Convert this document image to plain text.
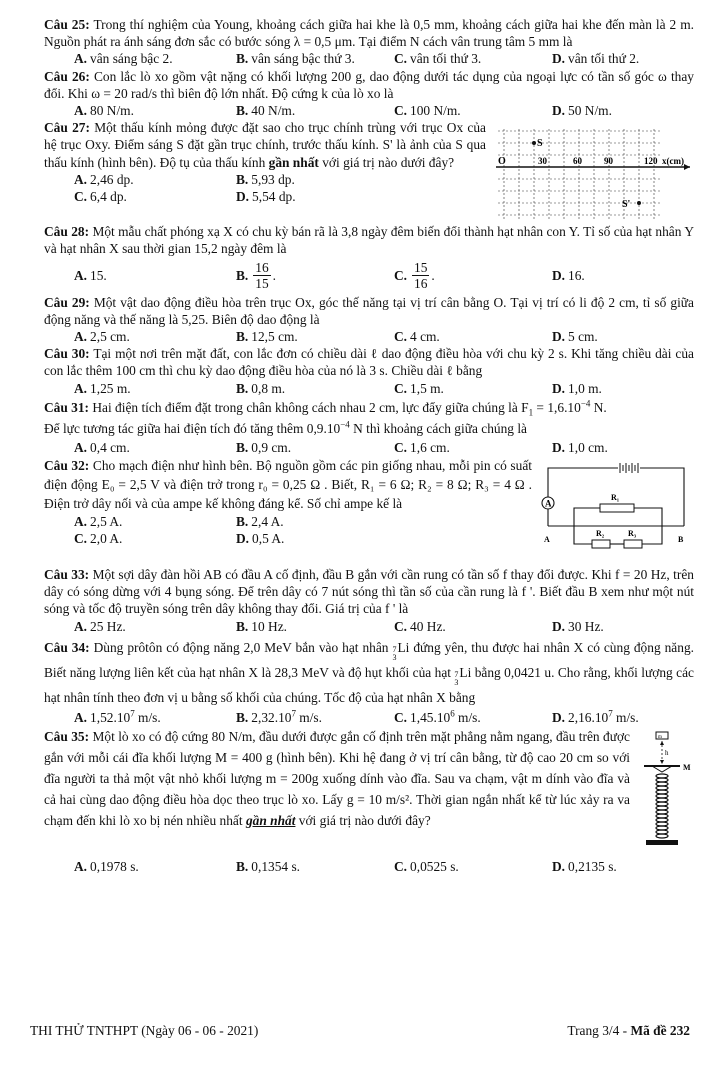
Câu 25: Trong thí nghiệm của Young, khoảng cách giữa hai khe là 0,5 mm, khoảng cách giữa hai khe đến màn là 2 m. Nguồn phát ra ánh sáng đơn sắc có bước sóng λ = 0,5 μm. Tại điểm N cách vân trung tâm 5 mm là

A. vân sáng bậc 2.	B. vân sáng bậc thứ 3.	C. vân tối thứ 3.	D. vân tối thứ 2.

Câu 26: Con lắc lò xo gồm vật nặng có khối lượng 200 g, dao động dưới tác dụng của ngoại lực có tần số góc ω thay đổi. Khi ω = 20 rad/s thì biên độ lớn nhất. Độ cứng k của lò xo là

A. 80 N/m.	B. 40 N/m.	C. 100 N/m.	D. 50 N/m.

Câu 27: Một thấu kính mỏng được đặt sao cho trục chính trùng với trục Ox của hệ trục Oxy. Điểm sáng S đặt gần trục chính, trước thấu kính. S' là ảnh của S qua thấu kính (hình bên). Độ tụ của thấu kính gần nhất với giá trị nào dưới đây?

A. 2,46 dp.	B. 5,93 dp.
C. 6,4 dp.	D. 5,54 dp.
S
S'
O	30	60 90	120 x(cm)

Câu 28: Một mẫu chất phóng xạ X có chu kỳ bán rã là 3,8 ngày đêm biến đổi thành hạt nhân con Y. Tỉ số của hạt nhân Y và hạt nhân X sau thời gian 15,2 ngày đêm là

A. 15.	B. $\frac{16}{15}$ .	C. $\frac{15}{16}$ .	D. 16.

Câu 29: Một vật dao động điều hòa trên trục Ox, góc thế năng tại vị trí cân bằng O. Tại vị trí có li độ 2 cm, tỉ số giữa động năng và thế năng là 5,25. Biên độ dao động là

A. 2,5 cm.	B. 12,5 cm.	C. 4 cm.	D. 5 cm.

Câu 30: Tại một nơi trên mặt đất, con lắc đơn có chiều dài ℓ dao động điều hòa với chu kỳ 2 s. Khi tăng chiều dài của con lắc thêm 100 cm thì chu kỳ dao động điều hòa của nó là 3 s. Chiều dài ℓ bằng

A. 1,25 m.	B. 0,8 m.	C. 1,5 m.	D. 1,0 m.

Câu 31: Hai điện tích điểm đặt trong chân không cách nhau 2 cm, lực đẩy giữa chúng là $F_1 = 1,6.10^{-4}$ N.
Để lực tương tác giữa hai điện tích đó tăng thêm $0,9.10^{-4}$ N thì khoảng cách giữa chúng là

A. 0,4 cm.	B. 0,9 cm.	C. 1,6 cm.	D. 1,0 cm.

Câu 32: Cho mạch điện như hình bên. Bộ nguồn gồm các pin giống nhau, mỗi pin có suất điện động E₀ = 2,5 V và điện trở trong r₀ = 0,25 Ω . Biết, R₁ = 6 Ω; R₂ = 8 Ω; R₃ = 4 Ω . Điện trở dây nối và của ampe kế không đáng kể. Số chỉ ampe kế là

A. 2,5 A.	B. 2,4 A.
C. 2,0 A.	D. 0,5 A.
A
R₁
R₂	R₃
A	B

Câu 33: Một sợi dây đàn hồi AB có đầu A cố định, đầu B gắn với cần rung có tần số f thay đổi được. Khi f = 20 Hz, trên dây có sóng dừng với 4 bụng sóng. Để trên dây có 7 nút sóng thì tần số của cần rung là f '. Biết đầu B xem như một nút sóng và tốc độ truyền sóng trên dây không thay đổi. Giá trị của f ' là

A. 25 Hz.	B. 10 Hz.	C. 40 Hz.	D. 30 Hz.

Câu 34: Dùng prôtôn có động năng 2,0 MeV bắn vào hạt nhân 7
3
Li đứng yên, thu được hai nhân X có cùng động năng. Biết năng lượng liên kết của hạt nhân X là 28,3 MeV và độ hụt khối của hạt 7
3
Li bằng 0,0421 u. Cho rằng, khối lượng các hạt nhân tính theo đơn vị u bằng số khối của chúng. Tốc độ của hạt nhân X bằng

A. 1,52.10$^7$ m/s.	B. 2,32.10$^7$ m/s.	C. 1,45.10$^6$ m/s.	D. 2,16.10$^7$ m/s.

Câu 35: Một lò xo có độ cứng 80 N/m, đầu dưới được gắn cố định trên mặt phẳng nằm ngang, đầu trên được gắn với mỗi cái đĩa khối lượng M = 400 g (hình bên). Khi hệ đang ở vị trí cân bằng, từ độ cao 20 cm so với đĩa người ta thả một vật nhỏ khối lượng m = 200g xuống dính vào đĩa. Sau va chạm, vật m dính vào đĩa và cả hai cùng dao động điều hòa dọc theo trục lò xo. Lấy g = 10 m/s². Thời gian ngắn nhất kể từ lúc xảy ra va chạm đến khi lò xo bị nén nhiều nhất gần nhất với giá trị nào dưới đây?

m
h
M
A. 0,1978 s.	B. 0,1354 s.	C. 0,0525 s.	D. 0,2135 s.
THI THỬ TNTHPT (Ngày 06 - 06 - 2021)	Trang 3/4 - Mã đề 232
